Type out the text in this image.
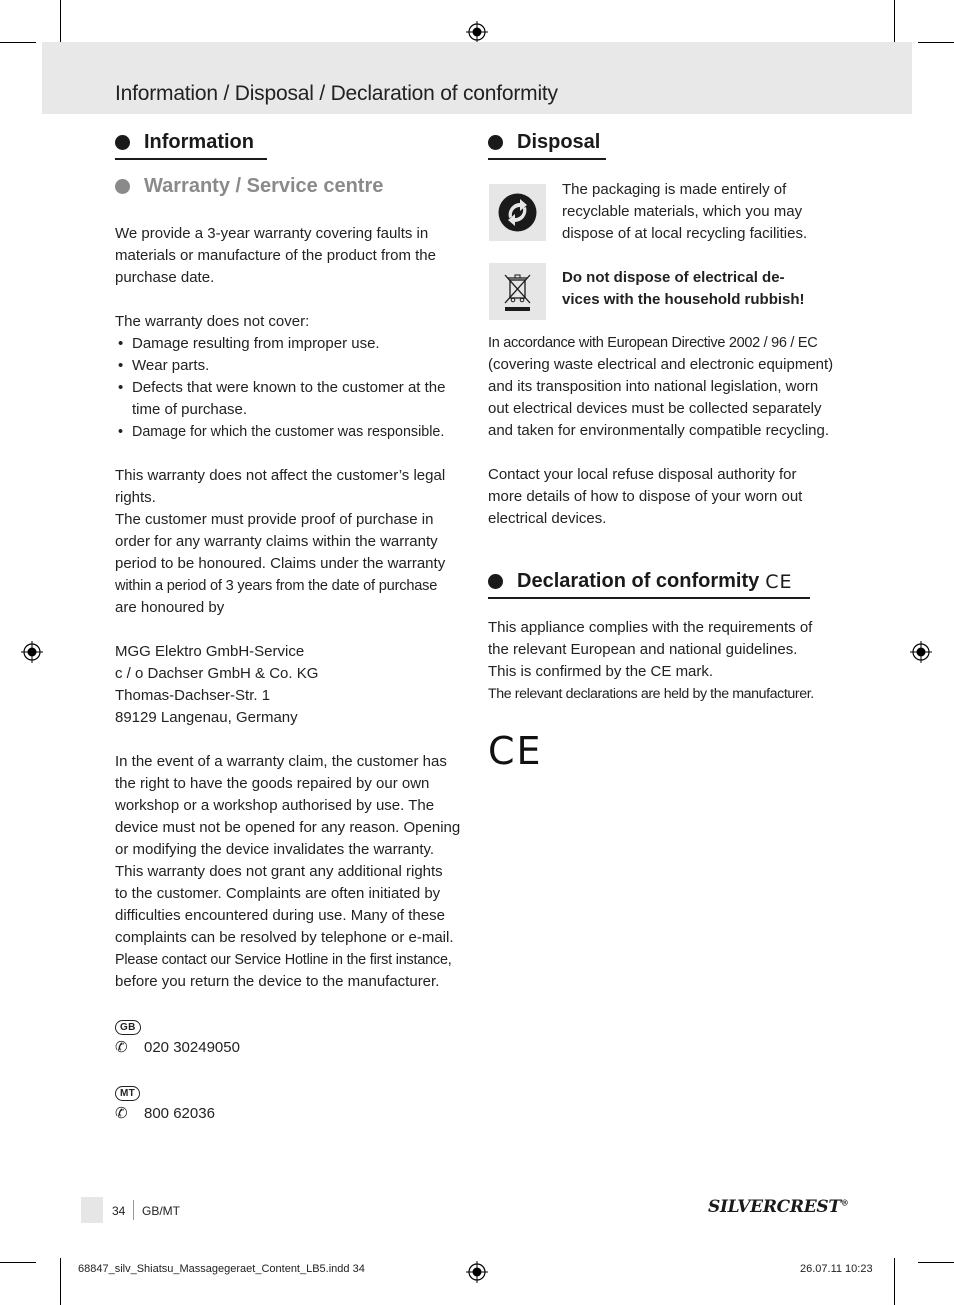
Information / Disposal / Declaration of conformity
Information
Warranty / Service centre

We provide a 3-year warranty covering faults in

materials or manufacture of the product from the

purchase date.

The warranty does not cover:

• Damage resulting from improper use.
• Wear parts.
• Defects that were known to the customer at the time of purchase.
• Damage for which the customer was responsible.

This warranty does not affect the customer’s legal

rights.

The customer must provide proof of purchase in

order for any warranty claims within the warranty

period to be honoured. Claims under the warranty

within a period of 3 years from the date of purchase

are honoured by

MGG Elektro GmbH-Service

c / o Dachser GmbH & Co. KG

Thomas-Dachser-Str. 1

89129 Langenau, Germany

In the event of a warranty claim, the customer has

the right to have the goods repaired by our own

workshop or a workshop authorised by use. The

device must not be opened for any reason. Opening

or modifying the device invalidates the warranty.

This warranty does not grant any additional rights

to the customer. Complaints are often initiated by

difficulties encountered during use. Many of these

complaints can be resolved by telephone or e-mail.

Please contact our Service Hotline in the first instance,

before you return the device to the manufacturer.

GB
✆	020 30249050
MT
✆	800 62036
Disposal
The packaging is made entirely of
recyclable materials, which you may
dispose of at local recycling facilities.
Do not dispose of electrical de-
vices with the household rubbish!

In accordance with European Directive 2002 / 96 / EC

(covering waste electrical and electronic equipment)

and its transposition into national legislation, worn

out electrical devices must be collected separately

and taken for environmentally compatible recycling.

Contact your local refuse disposal authority for

more details of how to dispose of your worn out

electrical devices.

Declaration of conformity CE

This appliance complies with the requirements of

the relevant European and national guidelines.

This is confirmed by the CE mark.

The relevant declarations are held by the manufacturer.

CE
34 GB/MT	SILVERCREST®
68847_silv_Shiatsu_Massagegeraet_Content_LB5.indd 34	26.07.11 10:23
